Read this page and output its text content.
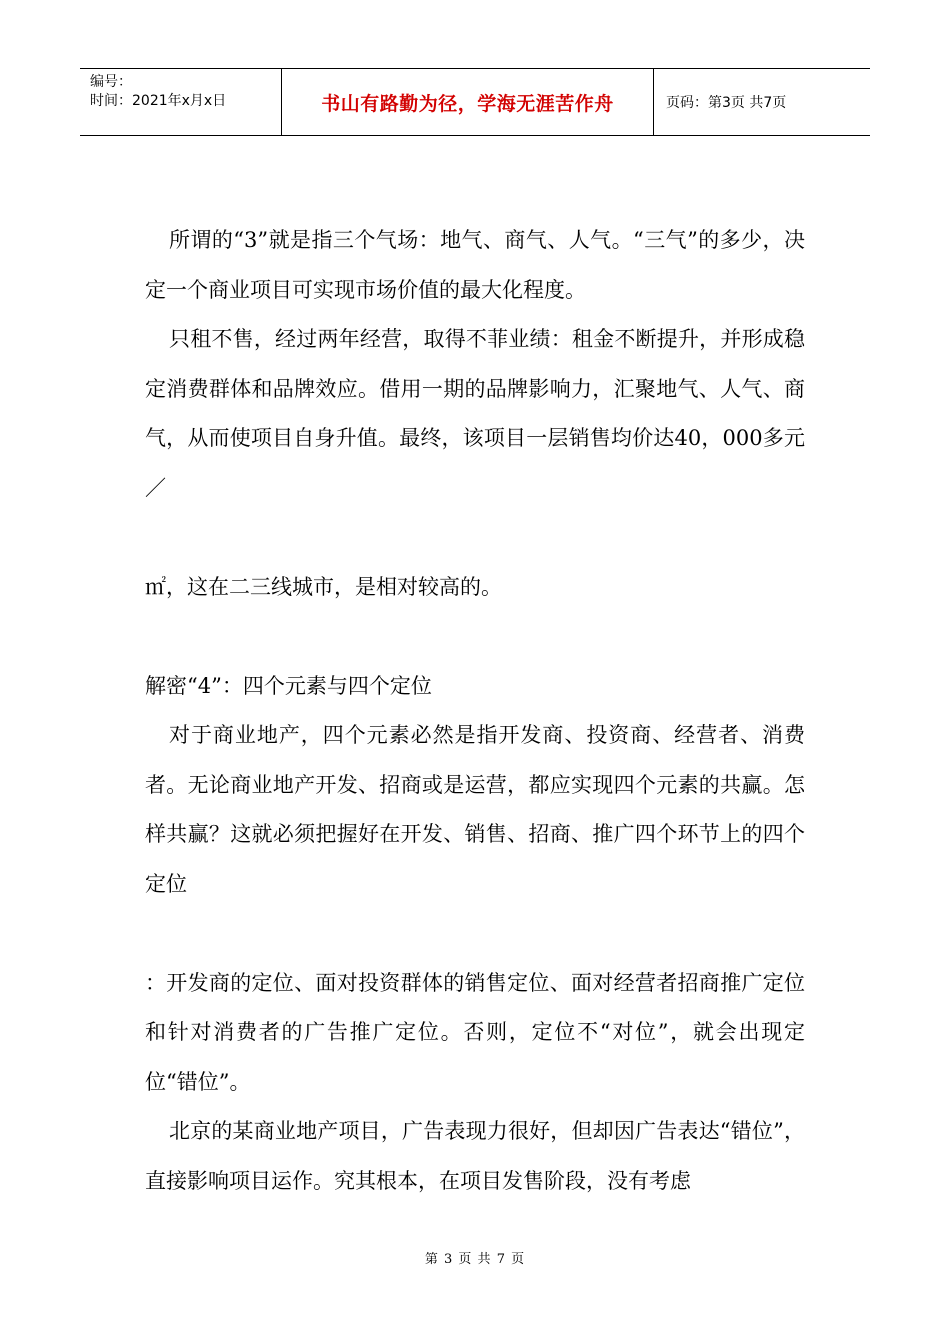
编号：
时间：2021年x月x日	书山有路勤为径，学海无涯苦作舟	页码：第3页 共7页

所谓的“3”就是指三个气场：地气、商气、人气。“三气”的多少，决定一个商业项目可实现市场价值的最大化程度。

只租不售，经过两年经营，取得不菲业绩：租金不断提升，并形成稳定消费群体和品牌效应。借用一期的品牌影响力，汇聚地气、人气、商气，从而使项目自身升值。最终，该项目一层销售均价达40，000多元／

㎡，这在二三线城市，是相对较高的。

解密“4”：四个元素与四个定位

对于商业地产，四个元素必然是指开发商、投资商、经营者、消费者。无论商业地产开发、招商或是运营，都应实现四个元素的共赢。怎样共赢？这就必须把握好在开发、销售、招商、推广四个环节上的四个定位

：开发商的定位、面对投资群体的销售定位、面对经营者招商推广定位和针对消费者的广告推广定位。否则，定位不“对位”，就会出现定位“错位”。

北京的某商业地产项目，广告表现力很好，但却因广告表达“错位”，直接影响项目运作。究其根本，在项目发售阶段，没有考虑

第 3 页 共 7 页
